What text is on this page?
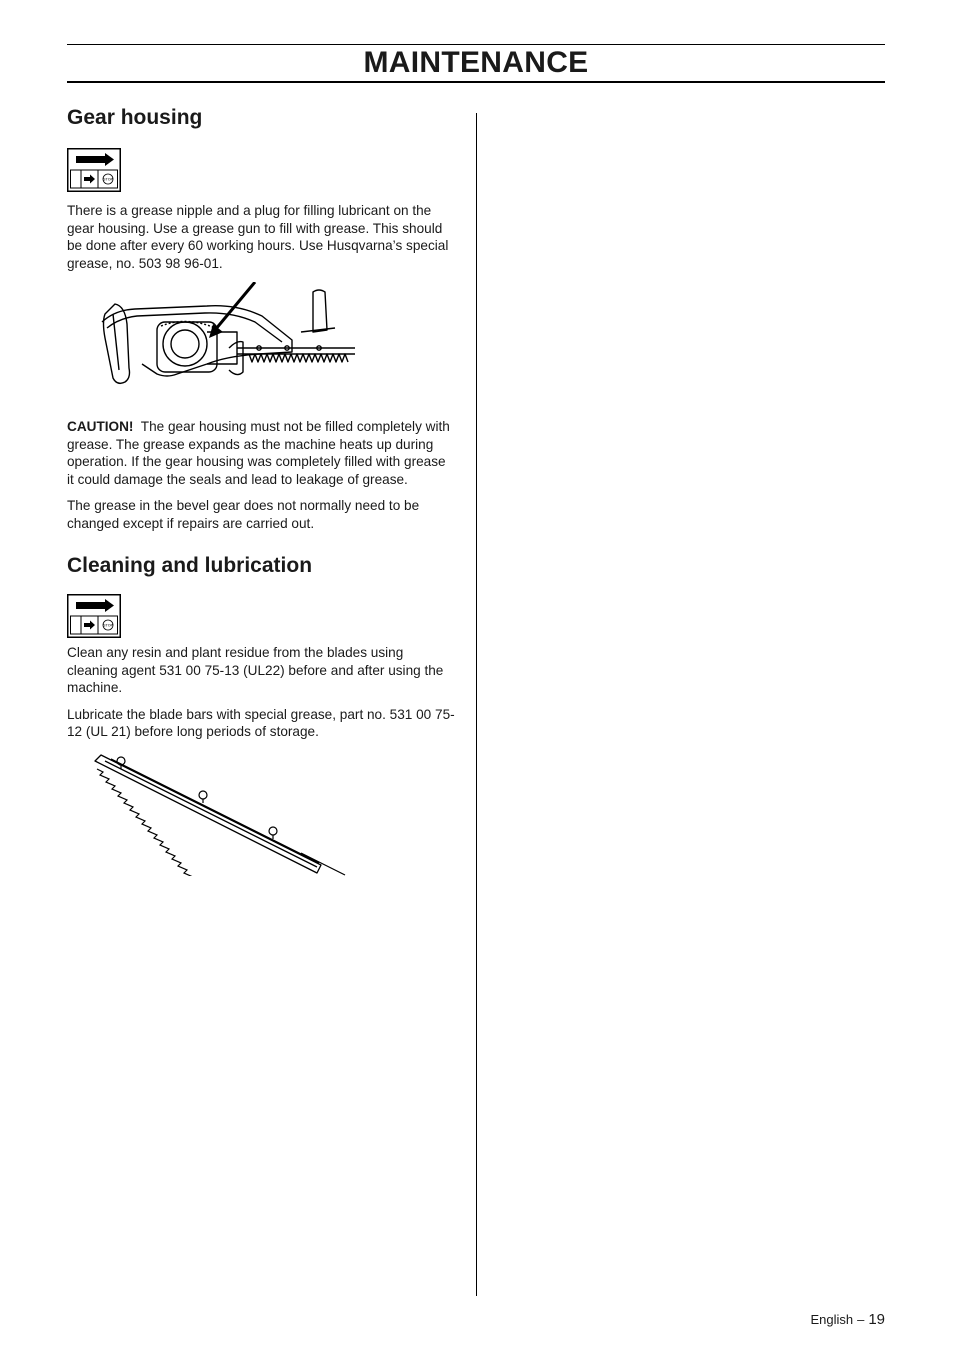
MAINTENANCE
Gear housing
STOP

There is a grease nipple and a plug for filling lubricant on the gear housing. Use a grease gun to fill with grease. This should be done after every 60 working hours. Use Husqvarna’s special grease, no. 503 98 96-01.

CAUTION! The gear housing must not be filled completely with grease. The grease expands as the machine heats up during operation. If the gear housing was completely filled with grease it could damage the seals and lead to leakage of grease.

The grease in the bevel gear does not normally need to be changed except if repairs are carried out.

Cleaning and lubrication
STOP

Clean any resin and plant residue from the blades using cleaning agent 531 00 75-13 (UL22) before and after using the machine.

Lubricate the blade bars with special grease, part no. 531 00 75-12 (UL 21) before long periods of storage.

English – 19
